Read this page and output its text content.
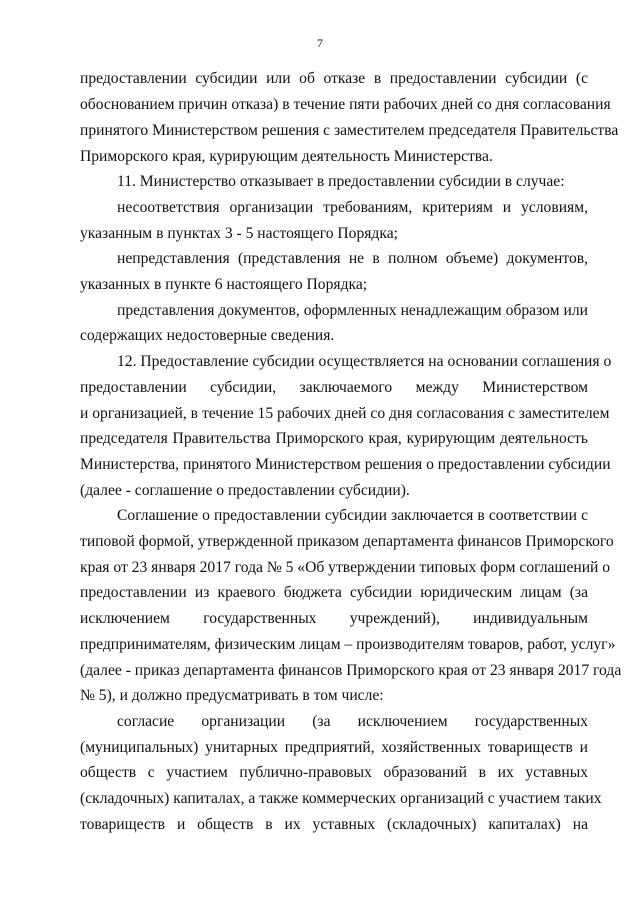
7
предоставлении субсидии или об отказе в предоставлении субсидии (с
обоснованием причин отказа) в течение пяти рабочих дней со дня согласования
принятого Министерством решения с заместителем председателя Правительства
Приморского края, курирующим деятельность Министерства.
11. Министерство отказывает в предоставлении субсидии в случае:
несоответствия организации требованиям, критериям и условиям,
указанным в пунктах 3 - 5 настоящего Порядка;
непредставления (представления не в полном объеме) документов,
указанных в пункте 6 настоящего Порядка;
представления документов, оформленных ненадлежащим образом или
содержащих недостоверные сведения.
12. Предоставление субсидии осуществляется на основании соглашения о
предоставлении субсидии, заключаемого между Министерством
и организацией, в течение 15 рабочих дней со дня согласования с заместителем
председателя Правительства Приморского края, курирующим деятельность
Министерства, принятого Министерством решения о предоставлении субсидии
(далее - соглашение о предоставлении субсидии).
Соглашение о предоставлении субсидии заключается в соответствии с
типовой формой, утвержденной приказом департамента финансов Приморского
края от 23 января 2017 года № 5 «Об утверждении типовых форм соглашений о
предоставлении из краевого бюджета субсидии юридическим лицам (за
исключением государственных учреждений), индивидуальным
предпринимателям, физическим лицам – производителям товаров, работ, услуг»
(далее - приказ департамента финансов Приморского края от 23 января 2017 года
№ 5), и должно предусматривать в том числе:
согласие организации (за исключением государственных
(муниципальных) унитарных предприятий, хозяйственных товариществ и
обществ с участием публично-правовых образований в их уставных
(складочных) капиталах, а также коммерческих организаций с участием таких
товариществ и обществ в их уставных (складочных) капиталах) на
